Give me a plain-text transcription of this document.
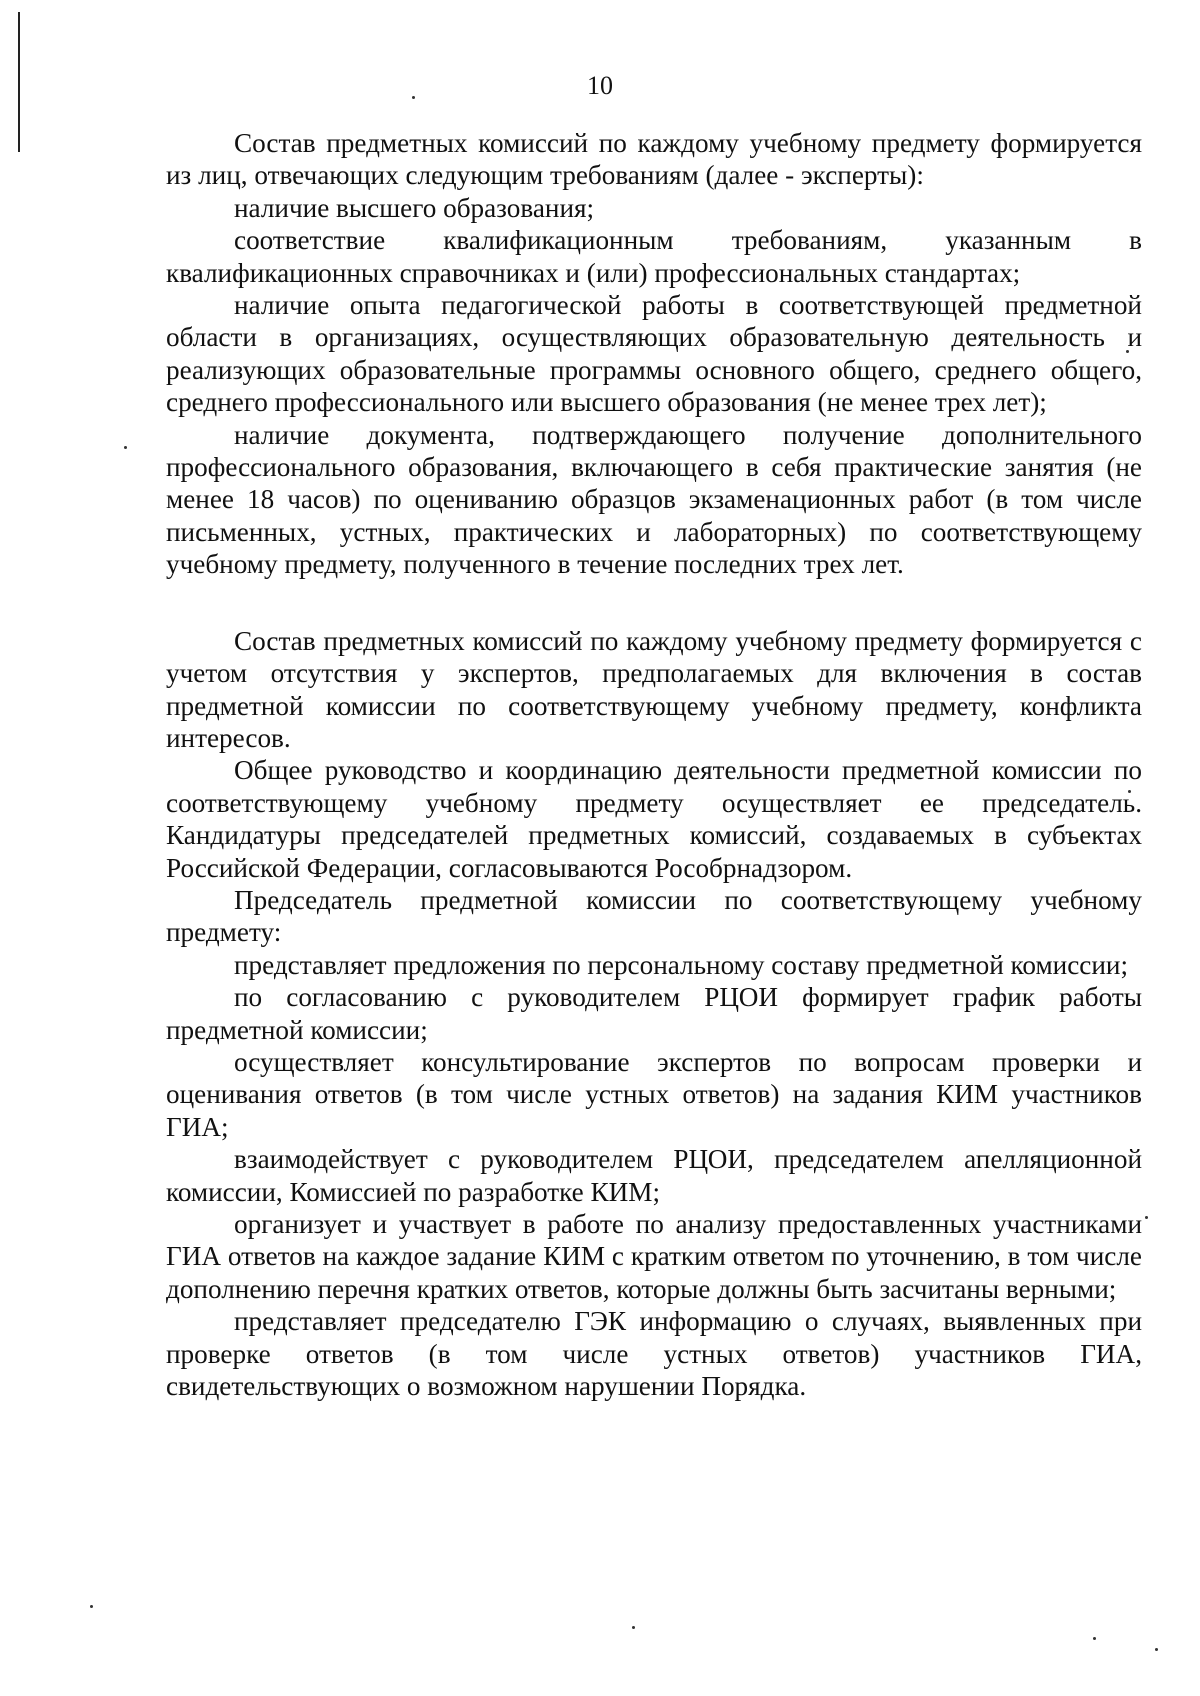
10

Состав предметных комиссий по каждому учебному предмету формируется из лиц, отвечающих следующим требованиям (далее - эксперты):

наличие высшего образования;

соответствие квалификационным требованиям, указанным в квалификационных справочниках и (или) профессиональных стандартах;

наличие опыта педагогической работы в соответствующей предметной области в организациях, осуществляющих образовательную деятельность и реализующих образовательные программы основного общего, среднего общего, среднего профессионального или высшего образования (не менее трех лет);

наличие документа, подтверждающего получение дополнительного профессионального образования, включающего в себя практические занятия (не менее 18 часов) по оцениванию образцов экзаменационных работ (в том числе письменных, устных, практических и лабораторных) по соответствующему учебному предмету, полученного в течение последних трех лет.

Состав предметных комиссий по каждому учебному предмету формируется с учетом отсутствия у экспертов, предполагаемых для включения в состав предметной комиссии по соответствующему учебному предмету, конфликта интересов.

Общее руководство и координацию деятельности предметной комиссии по соответствующему учебному предмету осуществляет ее председатель. Кандидатуры председателей предметных комиссий, создаваемых в субъектах Российской Федерации, согласовываются Рособрнадзором.

Председатель предметной комиссии по соответствующему учебному предмету:

представляет предложения по персональному составу предметной комиссии;

по согласованию с руководителем РЦОИ формирует график работы предметной комиссии;

осуществляет консультирование экспертов по вопросам проверки и оценивания ответов (в том числе устных ответов) на задания КИМ участников ГИА;

взаимодействует с руководителем РЦОИ, председателем апелляционной комиссии, Комиссией по разработке КИМ;

организует и участвует в работе по анализу предоставленных участниками ГИА ответов на каждое задание КИМ с кратким ответом по уточнению, в том числе дополнению перечня кратких ответов, которые должны быть засчитаны верными;

представляет председателю ГЭК информацию о случаях, выявленных при проверке ответов (в том числе устных ответов) участников ГИА, свидетельствующих о возможном нарушении Порядка.
